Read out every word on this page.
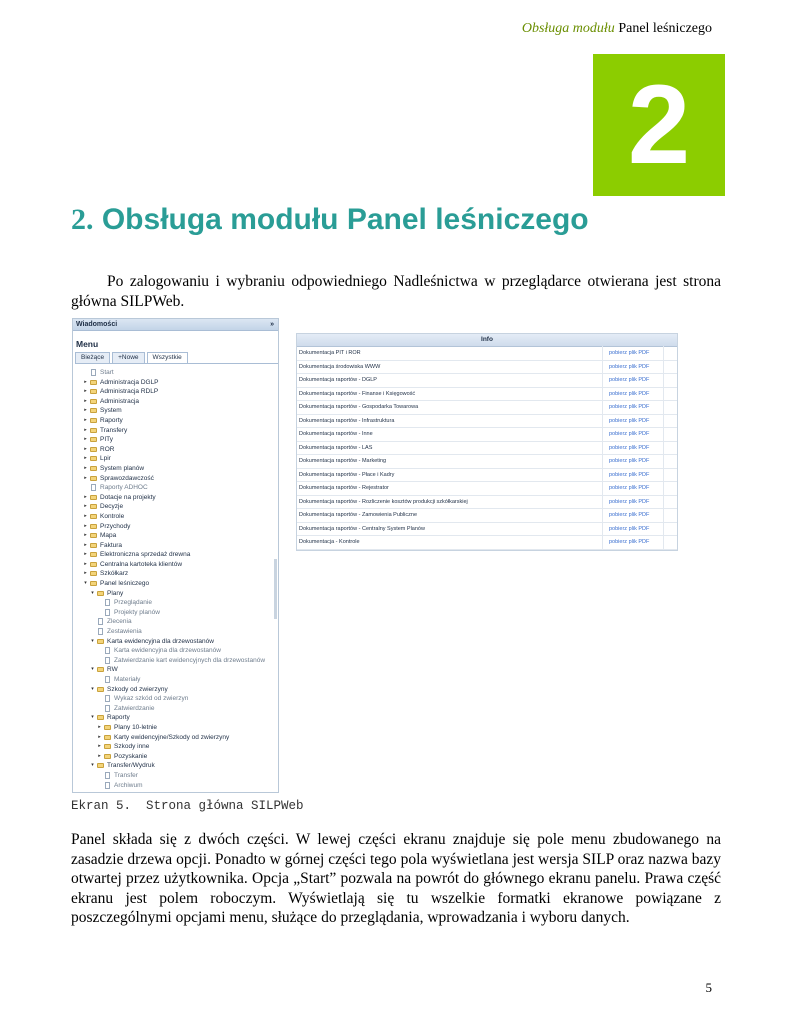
Obsługa modułu Panel leśniczego
2
2. Obsługa modułu Panel leśniczego
Po zalogowaniu i wybraniu odpowiedniego Nadleśnictwa w przeglądarce otwierana jest strona główna SILPWeb.
Wiadomości	»
Menu
Bieżące	+Nowe	Wszystkie
Start
▸ Administracja DGLP
▸ Administracja RDLP
▸ Administracja
▸ System
▸ Raporty
▸ Transfery
▸ PITy
▸ ROR
▸ Lpir
▸ System planów
▸ Sprawozdawczość
Raporty ADHOC
▸ Dotacje na projekty
▸ Decyzje
▸ Kontrole
▸ Przychody
▸ Mapa
▸ Faktura
▸ Elektroniczna sprzedaż drewna
▸ Centralna kartoteka klientów
▸ Szkółkarz
▾ Panel leśniczego
▾ Plany
Przeglądanie
Projekty planów
Zlecenia
Zestawienia
▾ Karta ewidencyjna dla drzewostanów
Karta ewidencyjna dla drzewostanów
Zatwierdzanie kart ewidencyjnych dla drzewostanów
▾ RW
Materiały
▾ Szkody od zwierzyny
Wykaz szkód od zwierzyn
Zatwierdzanie
▾ Raporty
▸ Plany 10-letnie
▸ Karty ewidencyjne/Szkody od zwierzyny
▸ Szkody inne
▸ Pozyskanie
▾ Transfer/Wydruk
Transfer
Archiwum
Info
Dokumentacja PIT i ROR	pobierz plik PDF
Dokumentacja środowiska WWW	pobierz plik PDF
Dokumentacja raportów - DGLP	pobierz plik PDF
Dokumentacja raportów - Finanse i Księgowość	pobierz plik PDF
Dokumentacja raportów - Gospodarka Towarowa	pobierz plik PDF
Dokumentacja raportów - Infrastruktura	pobierz plik PDF
Dokumentacja raportów - Inne	pobierz plik PDF
Dokumentacja raportów - LAS	pobierz plik PDF
Dokumentacja raportów - Marketing	pobierz plik PDF
Dokumentacja raportów - Płace i Kadry	pobierz plik PDF
Dokumentacja raportów - Rejestrator	pobierz plik PDF
Dokumentacja raportów - Rozliczenie kosztów produkcji szkółkarskiej	pobierz plik PDF
Dokumentacja raportów - Zamowienia Publiczne	pobierz plik PDF
Dokumentacja raportów - Centralny System Planów	pobierz plik PDF
Dokumentacja - Kontrole	pobierz plik PDF
Ekran 5.  Strona główna SILPWeb
Panel składa się z dwóch części. W lewej części ekranu znajduje się pole menu zbudowanego na zasadzie drzewa opcji. Ponadto w górnej części tego pola wyświetlana jest wersja SILP oraz nazwa bazy otwartej przez użytkownika. Opcja „Start” pozwala na powrót do głównego ekranu panelu. Prawa część ekranu jest polem roboczym. Wyświetlają się tu wszelkie formatki ekranowe powiązane z poszczególnymi opcjami menu, służące do przeglądania, wprowadzania i wyboru danych.
5
